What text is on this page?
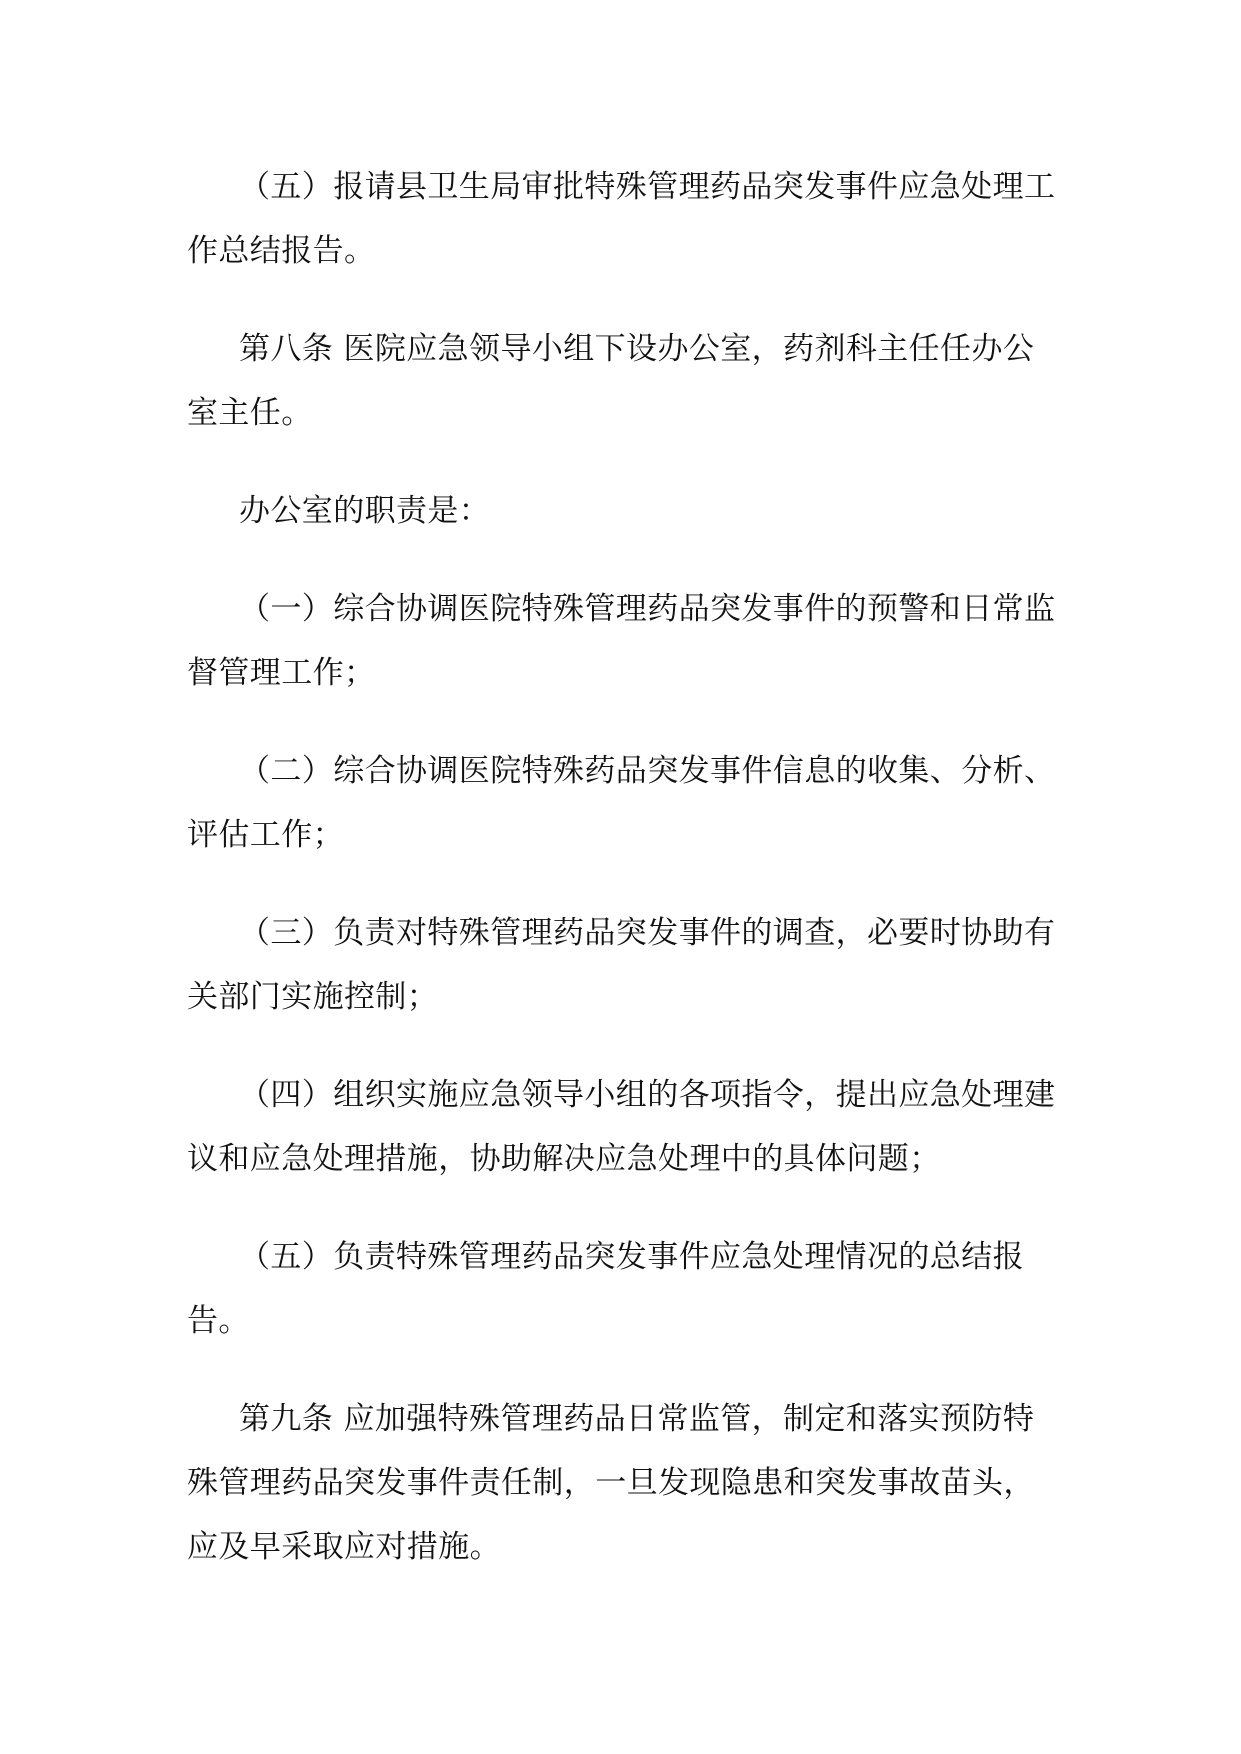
（五）报请县卫生局审批特殊管理药品突发事件应急处理工作总结报告。

第八条 医院应急领导小组下设办公室，药剂科主任任办公室主任。

办公室的职责是：

（一）综合协调医院特殊管理药品突发事件的预警和日常监督管理工作；

（二）综合协调医院特殊药品突发事件信息的收集、分析、评估工作；

（三）负责对特殊管理药品突发事件的调查，必要时协助有关部门实施控制；

（四）组织实施应急领导小组的各项指令，提出应急处理建议和应急处理措施，协助解决应急处理中的具体问题；

（五）负责特殊管理药品突发事件应急处理情况的总结报告。

第九条 应加强特殊管理药品日常监管，制定和落实预防特殊管理药品突发事件责任制，一旦发现隐患和突发事故苗头，应及早采取应对措施。
